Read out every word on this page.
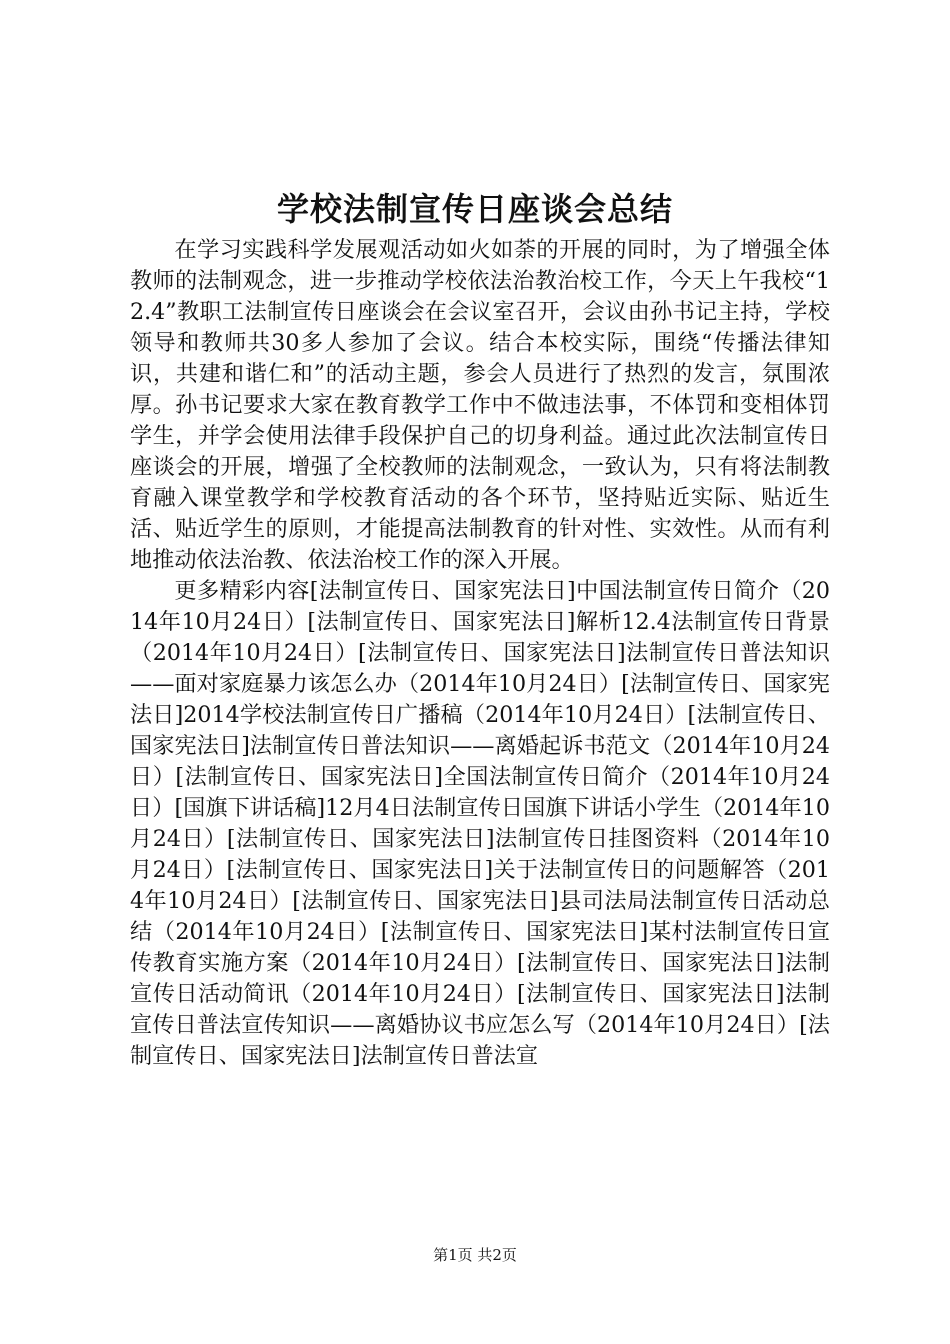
学校法制宣传日座谈会总结

在学习实践科学发展观活动如火如荼的开展的同时，为了增强全体教师的法制观念，进一步推动学校依法治教治校工作，今天上午我校“12.4”教职工法制宣传日座谈会在会议室召开，会议由孙书记主持，学校领导和教师共30多人参加了会议。结合本校实际，围绕“传播法律知识，共建和谐仁和”的活动主题，参会人员进行了热烈的发言，氛围浓厚。孙书记要求大家在教育教学工作中不做违法事，不体罚和变相体罚学生，并学会使用法律手段保护自己的切身利益。通过此次法制宣传日座谈会的开展，增强了全校教师的法制观念，一致认为，只有将法制教育融入课堂教学和学校教育活动的各个环节，坚持贴近实际、贴近生活、贴近学生的原则，才能提高法制教育的针对性、实效性。从而有利地推动依法治教、依法治校工作的深入开展。

更多精彩内容[法制宣传日、国家宪法日]中国法制宣传日简介（2014年10月24日）[法制宣传日、国家宪法日]解析12.4法制宣传日背景（2014年10月24日）[法制宣传日、国家宪法日]法制宣传日普法知识——面对家庭暴力该怎么办（2014年10月24日）[法制宣传日、国家宪法日]2014学校法制宣传日广播稿（2014年10月24日）[法制宣传日、国家宪法日]法制宣传日普法知识——离婚起诉书范文（2014年10月24日）[法制宣传日、国家宪法日]全国法制宣传日简介（2014年10月24日）[国旗下讲话稿]12月4日法制宣传日国旗下讲话小学生（2014年10月24日）[法制宣传日、国家宪法日]法制宣传日挂图资料（2014年10月24日）[法制宣传日、国家宪法日]关于法制宣传日的问题解答（2014年10月24日）[法制宣传日、国家宪法日]县司法局法制宣传日活动总结（2014年10月24日）[法制宣传日、国家宪法日]某村法制宣传日宣传教育实施方案（2014年10月24日）[法制宣传日、国家宪法日]法制宣传日活动简讯（2014年10月24日）[法制宣传日、国家宪法日]法制宣传日普法宣传知识——离婚协议书应怎么写（2014年10月24日）[法制宣传日、国家宪法日]法制宣传日普法宣

第1页 共2页
